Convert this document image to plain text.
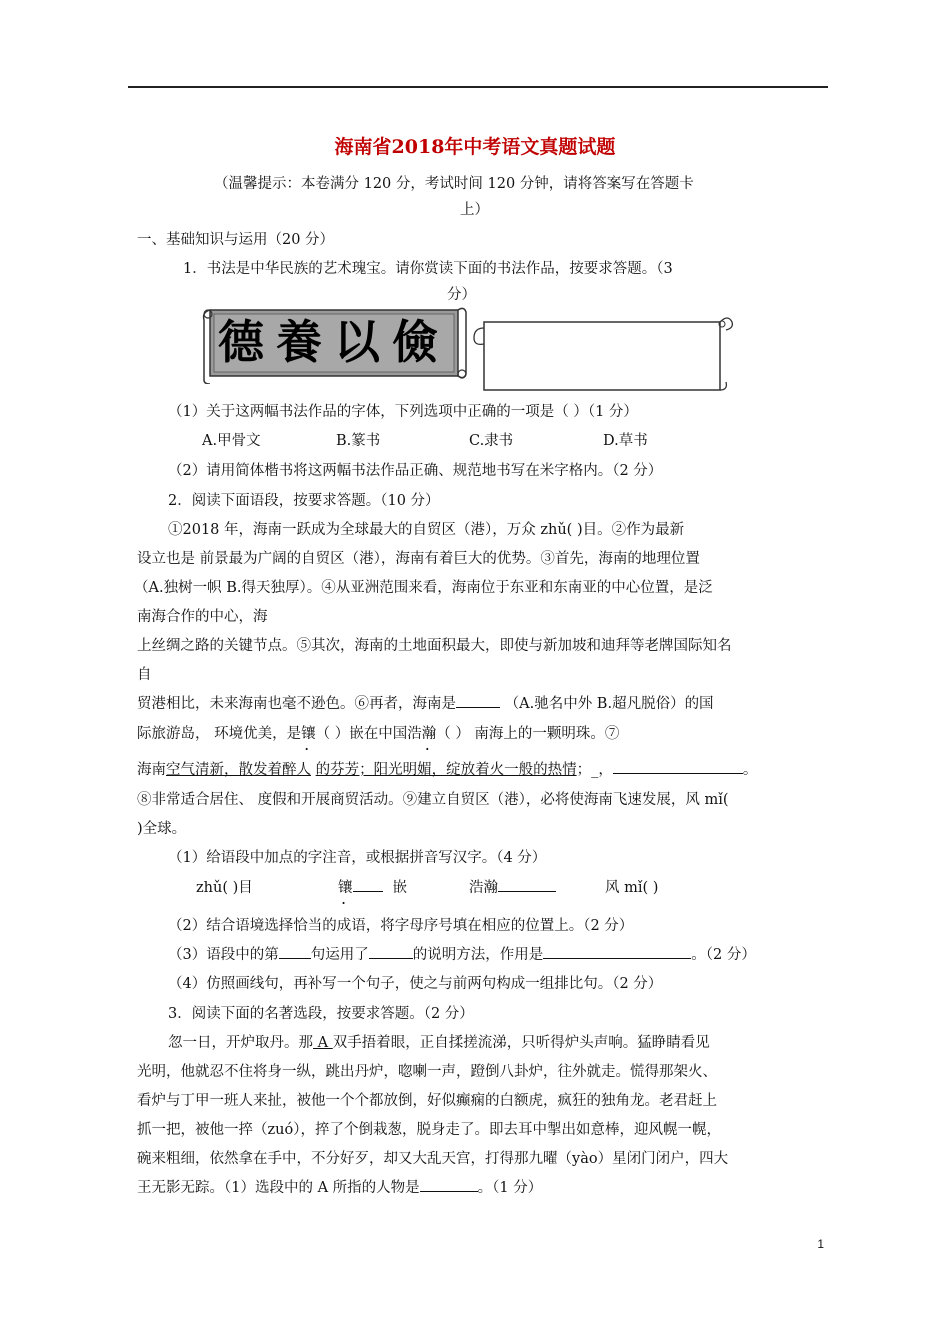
海南省2018年中考语文真题试题
（温馨提示：本卷满分 120 分，考试时间 120 分钟，请将答案写在答题卡
上）
一、基础知识与运用（20 分）
1．书法是中华民族的艺术瑰宝。请你赏读下面的书法作品，按要求答题。（3
分）
德養以儉
（1）关于这两幅书法作品的字体，下列选项中正确的一项是（ ）（1 分）
A.甲骨文	B.篆书	C.隶书	D.草书
（2）请用简体楷书将这两幅书法作品正确、规范地书写在米字格内。（2 分）
2．阅读下面语段，按要求答题。（10 分）
①2018 年，海南一跃成为全球最大的自贸区（港），万众 zhǔ( )目。②作为最新
设立也是 前景最为广阔的自贸区（港），海南有着巨大的优势。③首先，海南的地理位置
（A.独树一帜 B.得天独厚）。④从亚洲范围来看，海南位于东亚和东南亚的中心位置，是泛
南海合作的中心，海
上丝绸之路的关键节点。⑤其次，海南的土地面积最大，即使与新加坡和迪拜等老牌国际知名
自
贸港相比，未来海南也毫不逊色。⑥再者，海南是	（A.驰名中外 B.超凡脱俗）的国
际旅游岛， 环境优美，是镶（ ）嵌在中国浩瀚（ ） 南海上的一颗明珠。⑦
海南空气清新，散发着醉人 的芬芳；阳光明媚，绽放着火一般的热情；_，	。
⑧非常适合居住、 度假和开展商贸活动。⑨建立自贸区（港），必将使海南飞速发展，风 mǐ(
)全球。
（1）给语段中加点的字注音，或根据拼音写汉字。（4 分）
zhǔ( )目	镶	嵌	浩瀚	风 mǐ( )
（2）结合语境选择恰当的成语，将字母序号填在相应的位置上。（2 分）
（3）语段中的第 句运用了	的说明方法，作用是	。（2 分）
（4）仿照画线句，再补写一个句子，使之与前两句构成一组排比句。（2 分）
3．阅读下面的名著选段，按要求答题。（2 分）
忽一日，开炉取丹。那 A 双手捂着眼，正自揉搓流涕，只听得炉头声响。猛睁睛看见
光明，他就忍不住将身一纵，跳出丹炉，唿喇一声，蹬倒八卦炉，往外就走。慌得那架火、
看炉与丁甲一班人来扯，被他一个个都放倒，好似癫痫的白额虎，疯狂的独角龙。老君赶上
抓一把，被他一捽（zuó），捽了个倒栽葱，脱身走了。即去耳中掣出如意棒，迎风幌一幌，
碗来粗细，依然拿在手中，不分好歹，却又大乱天宫，打得那九曜（yào）星闭门闭户，四大
王无影无踪。（1）选段中的 A 所指的人物是	。（1 分）
1
